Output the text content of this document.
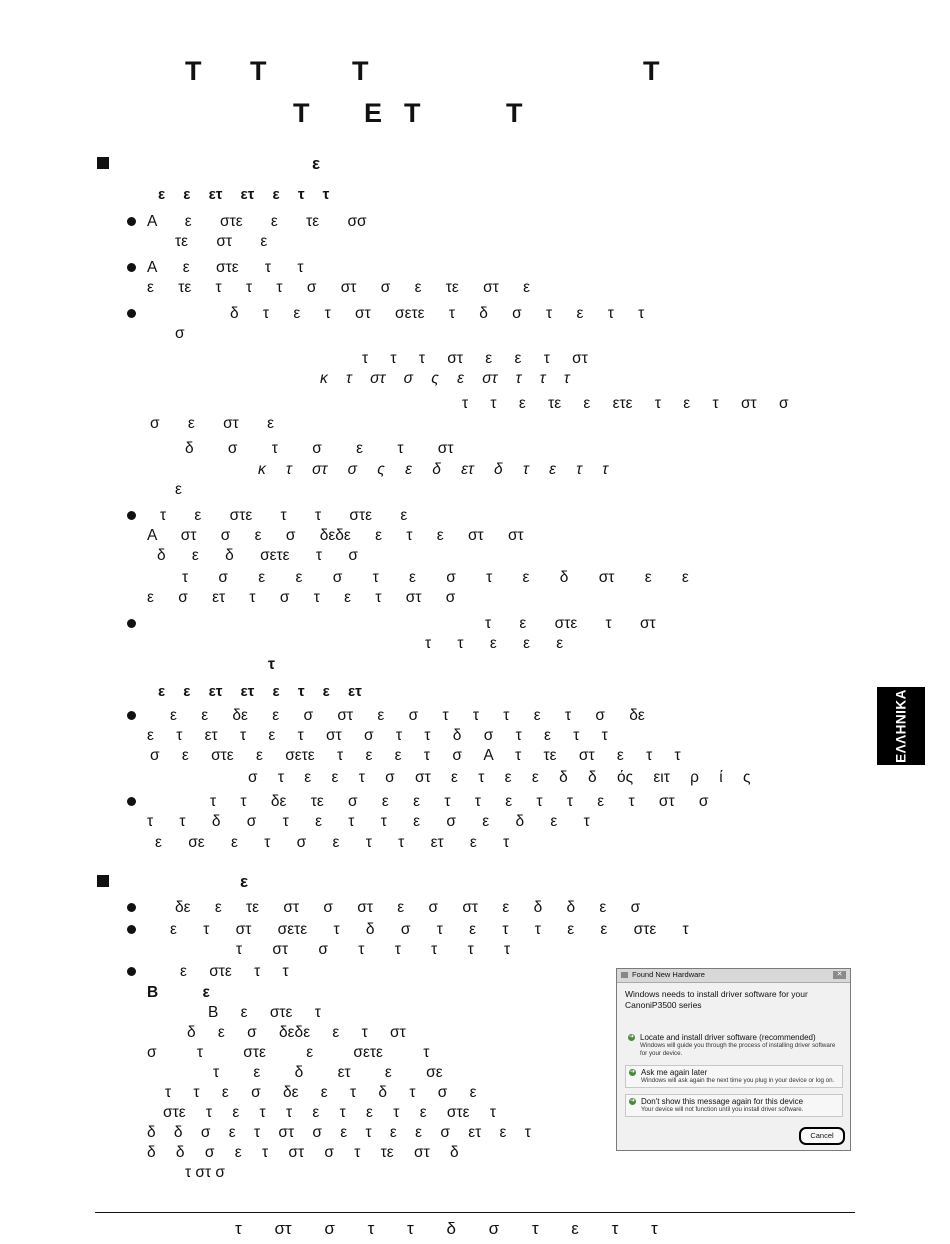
Τ Τ	Τ	Τ
Τ Ε Τ	Τ
ΕΛΛΗΝΙΚΑ
ε
ε ε ετ ετ ε τ τ
Α ε στε ε τε σσ
τε στ ε
Α ε στε τ τ
ε τε τ τ τ σ στ σ ε τε στ ε
δ τ ε τ στ σετε τ δ σ τ ε τ τ
σ
τ τ τ στ ε ε τ στ
κ τ στ σ ς ε στ τ τ τ
τ τ ε τε ε ετε τ ε τ στ σ
σ ε στ ε
δ σ τ σ ε τ στ
κ τ στ σ ς ε δ ετ δ τ ε τ τ
ε
τ ε στε τ τ στε ε
Α στ σ ε σ δεδε ε τ ε στ στ
δ ε δ σετε τ σ
τ σ ε ε σ τ ε σ τ ε δ στ ε ε
ε σ ετ τ σ τ ε τ στ σ
τ ε στε τ στ
τ τ ε ε ε
τ
ε ε ετ ετ ε τ ε ετ
ε ε δε ε σ στ ε σ τ τ τ ε τ σ δε
ε τ ετ τ ε τ στ σ τ τ δ σ τ ε τ τ
σ ε στε ε σετε τ ε ε τ σ Α τ τε στ ε τ τ
σ τ ε ε τ σ στ ε τ ε ε δ δ ός ειτ ρ ί ς
τ τ δε τε σ ε ε τ τ ε τ τ ε τ στ σ
τ τ δ σ τ ε τ τ ε σ ε δ ε τ
ε σε ε τ σ ε τ τ ετ ε τ
ε
δε ε τε στ σ στ ε σ στ ε δ δ ε σ
ε τ στ σετε τ δ σ τ ε τ τ ε ε στε τ
τ στ σ τ τ τ τ τ
ε στε τ τ
Β ε
Β ε στε τ
δ ε σ δεδε ε τ στ
σ τ στε ε σετε τ
τ ε δ ετ ε σε
τ τ ε σ δε ε τ δ τ σ ε
στε τ ε τ τ ε τ ε τ ε στε τ
δ δ σ ε τ στ σ ε τ ε ε σ ετ ε τ
δ δ σ ε τ στ σ τ τε στ δ
τ στ σ
Found New Hardware	✕
Windows needs to install driver software for your CanoniP3500 series
➜ Locate and install driver software (recommended)
Windows will guide you through the process of installing driver software for your device.
➜ Ask me again later
Windows will ask again the next time you plug in your device or log on.
➜ Don't show this message again for this device
Your device will not function until you install driver software.
Cancel
τ στ σ τ τ δ σ τ ε τ τ
